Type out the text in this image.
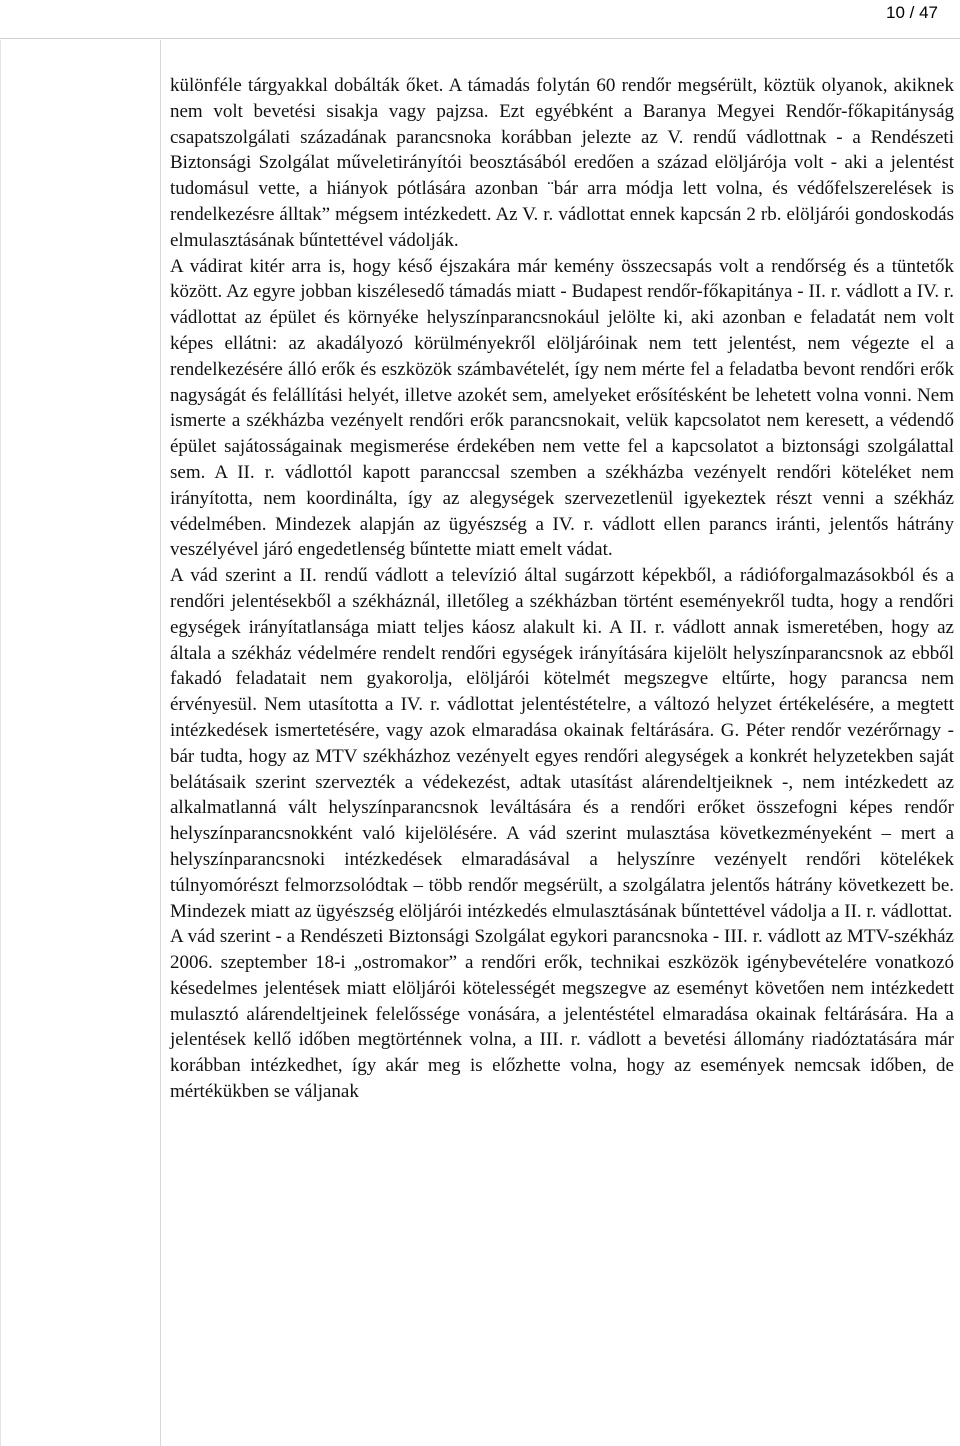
10 / 47

különféle tárgyakkal dobálták őket. A támadás folytán 60 rendőr megsérült, köztük olyanok, akiknek nem volt bevetési sisakja vagy pajzsa. Ezt egyébként a Baranya Megyei Rendőr-főkapitányság csapatszolgálati századának parancsnoka korábban jelezte az V. rendű vádlottnak - a Rendészeti Biztonsági Szolgálat műveletirányítói beosztásából eredően a század elöljárója volt - aki a jelentést tudomásul vette, a hiányok pótlására azonban ¨bár arra módja lett volna, és védőfelszerelések is rendelkezésre álltak” mégsem intézkedett. Az V. r. vádlottat ennek kapcsán 2 rb. elöljárói gondoskodás elmulasztásának bűntettével vádolják.

A vádirat kitér arra is, hogy késő éjszakára már kemény összecsapás volt a rendőrség és a tüntetők között. Az egyre jobban kiszélesedő támadás miatt - Budapest rendőr-főkapitánya - II. r. vádlott a IV. r. vádlottat az épület és környéke helyszínparancsnokául jelölte ki, aki azonban e feladatát nem volt képes ellátni: az akadályozó körülményekről elöljáróinak nem tett jelentést, nem végezte el a rendelkezésére álló erők és eszközök számbavételét, így nem mérte fel a feladatba bevont rendőri erők nagyságát és felállítási helyét, illetve azokét sem, amelyeket erősítésként be lehetett volna vonni. Nem ismerte a székházba vezényelt rendőri erők parancsnokait, velük kapcsolatot nem keresett, a védendő épület sajátosságainak megismerése érdekében nem vette fel a kapcsolatot a biztonsági szolgálattal sem. A II. r. vádlottól kapott paranccsal szemben a székházba vezényelt rendőri köteléket nem irányította, nem koordinálta, így az alegységek szervezetlenül igyekeztek részt venni a székház védelmében. Mindezek alapján az ügyészség a IV. r. vádlott ellen parancs iránti, jelentős hátrány veszélyével járó engedetlenség bűntette miatt emelt vádat.

A vád szerint a II. rendű vádlott a televízió által sugárzott képekből, a rádióforgalmazásokból és a rendőri jelentésekből a székháznál, illetőleg a székházban történt eseményekről tudta, hogy a rendőri egységek irányítatlansága miatt teljes káosz alakult ki. A II. r. vádlott annak ismeretében, hogy az általa a székház védelmére rendelt rendőri egységek irányítására kijelölt helyszínparancsnok az ebből fakadó feladatait nem gyakorolja, elöljárói kötelmét megszegve eltűrte, hogy parancsa nem érvényesül. Nem utasította a IV. r. vádlottat jelentéstételre, a változó helyzet értékelésére, a megtett intézkedések ismertetésére, vagy azok elmaradása okainak feltárására. G. Péter rendőr vezérőrnagy - bár tudta, hogy az MTV székházhoz vezényelt egyes rendőri alegységek a konkrét helyzetekben saját belátásaik szerint szervezték a védekezést, adtak utasítást alárendeltjeiknek -, nem intézkedett az alkalmatlanná vált helyszínparancsnok leváltására és a rendőri erőket összefogni képes rendőr helyszínparancsnokként való kijelölésére. A vád szerint mulasztása következményeként – mert a helyszínparancsnoki intézkedések elmaradásával a helyszínre vezényelt rendőri kötelékek túlnyomórészt felmorzsolódtak – több rendőr megsérült, a szolgálatra jelentős hátrány következett be. Mindezek miatt az ügyészség elöljárói intézkedés elmulasztásának bűntettével vádolja a II. r. vádlottat.

A vád szerint - a Rendészeti Biztonsági Szolgálat egykori parancsnoka - III. r. vádlott az MTV-székház 2006. szeptember 18-i „ostromakor” a rendőri erők, technikai eszközök igénybevételére vonatkozó késedelmes jelentések miatt elöljárói kötelességét megszegve az eseményt követően nem intézkedett mulasztó alárendeltjeinek felelőssége vonására, a jelentéstétel elmaradása okainak feltárására. Ha a jelentések kellő időben megtörténnek volna, a III. r. vádlott a bevetési állomány riadóztatására már korábban intézkedhet, így akár meg is előzhette volna, hogy az események nemcsak időben, de mértékükben se váljanak
